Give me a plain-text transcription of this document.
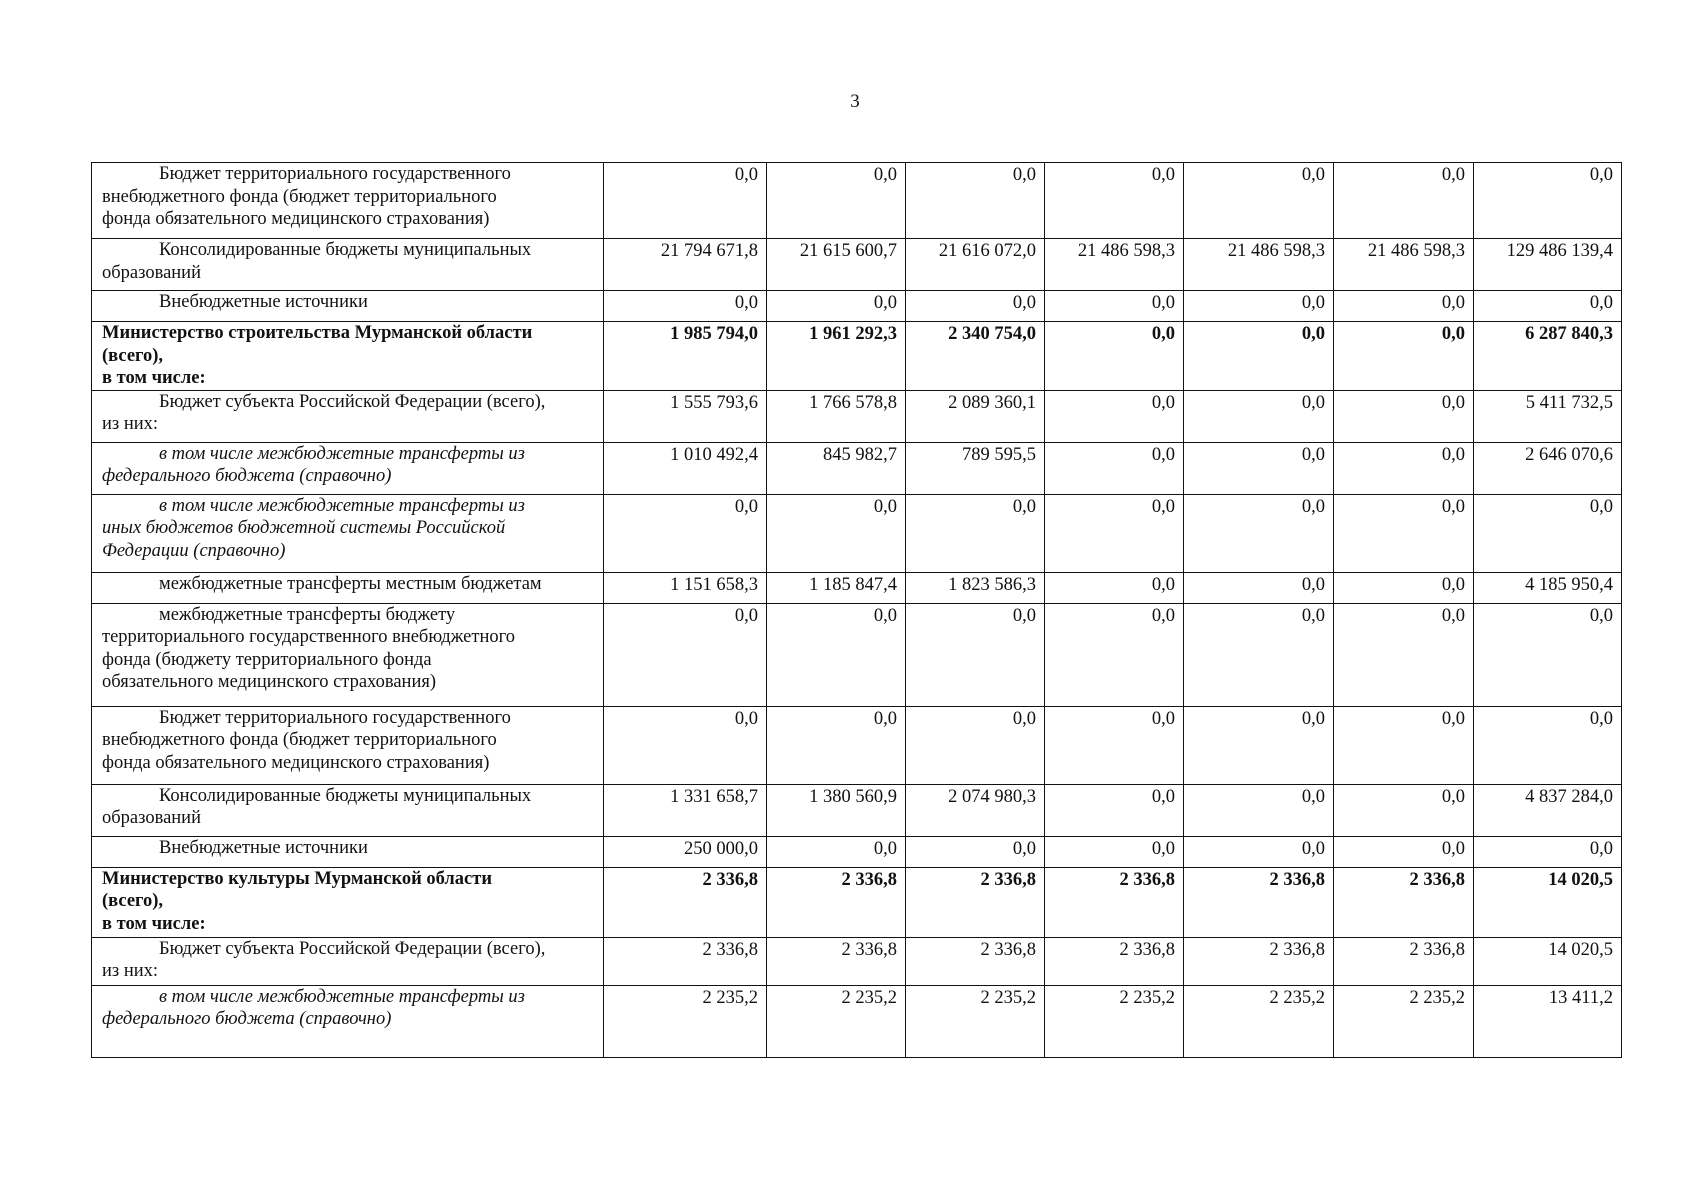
3
Бюджет территориального государственного
внебюджетного фонда (бюджет территориального
фонда обязательного медицинского страхования)	0,0	0,0	0,0	0,0	0,0	0,0	0,0

Консолидированные бюджеты муниципальных
образований	21 794 671,8	21 615 600,7	21 616 072,0	21 486 598,3	21 486 598,3	21 486 598,3	129 486 139,4

Внебюджетные источники	0,0	0,0	0,0	0,0	0,0	0,0	0,0

Министерство строительства Мурманской области
(всего),
в том числе:	1 985 794,0	1 961 292,3	2 340 754,0	0,0	0,0	0,0	6 287 840,3

Бюджет субъекта Российской Федерации (всего),
из них:	1 555 793,6	1 766 578,8	2 089 360,1	0,0	0,0	0,0	5 411 732,5

в том числе межбюджетные трансферты из
федерального бюджета (справочно)	1 010 492,4	845 982,7	789 595,5	0,0	0,0	0,0	2 646 070,6

в том числе межбюджетные трансферты из
иных бюджетов бюджетной системы Российской
Федерации (справочно)	0,0	0,0	0,0	0,0	0,0	0,0	0,0

межбюджетные трансферты местным бюджетам	1 151 658,3	1 185 847,4	1 823 586,3	0,0	0,0	0,0	4 185 950,4

межбюджетные трансферты бюджету
территориального государственного внебюджетного
фонда (бюджету территориального фонда
обязательного медицинского страхования)	0,0	0,0	0,0	0,0	0,0	0,0	0,0

Бюджет территориального государственного
внебюджетного фонда (бюджет территориального
фонда обязательного медицинского страхования)	0,0	0,0	0,0	0,0	0,0	0,0	0,0

Консолидированные бюджеты муниципальных
образований	1 331 658,7	1 380 560,9	2 074 980,3	0,0	0,0	0,0	4 837 284,0

Внебюджетные источники	250 000,0	0,0	0,0	0,0	0,0	0,0	0,0

Министерство культуры Мурманской области
(всего),
в том числе:	2 336,8	2 336,8	2 336,8	2 336,8	2 336,8	2 336,8	14 020,5

Бюджет субъекта Российской Федерации (всего),
из них:	2 336,8	2 336,8	2 336,8	2 336,8	2 336,8	2 336,8	14 020,5

в том числе межбюджетные трансферты из
федерального бюджета (справочно)	2 235,2	2 235,2	2 235,2	2 235,2	2 235,2	2 235,2	13 411,2
